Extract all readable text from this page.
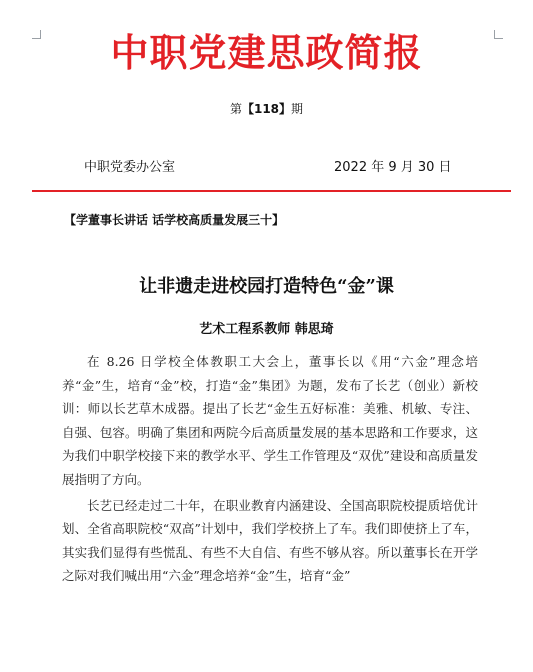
中职党建思政简报

第【118】期

中职党委办公室	2022 年 9 月 30 日
【学董事长讲话 话学校高质量发展三十】
让非遗走进校园打造特色“金”课
艺术工程系教师 韩思琦

在 8.26 日学校全体教职工大会上，董事长以《用“六金”理念培养“金”生，培育“金”校，打造“金”集团》为题，发布了长艺（创业）新校训：师以长艺草木成器。提出了长艺“金生五好标准：美雅、机敏、专注、自强、包容。明确了集团和两院今后高质量发展的基本思路和工作要求，这为我们中职学校接下来的教学水平、学生工作管理及“双优”建设和高质量发展指明了方向。

长艺已经走过二十年，在职业教育内涵建设、全国高职院校提质培优计划、全省高职院校“双高”计划中，我们学校挤上了车。我们即使挤上了车，其实我们显得有些慌乱、有些不大自信、有些不够从容。所以董事长在开学之际对我们喊出用“六金”理念培养“金”生，培育“金”
